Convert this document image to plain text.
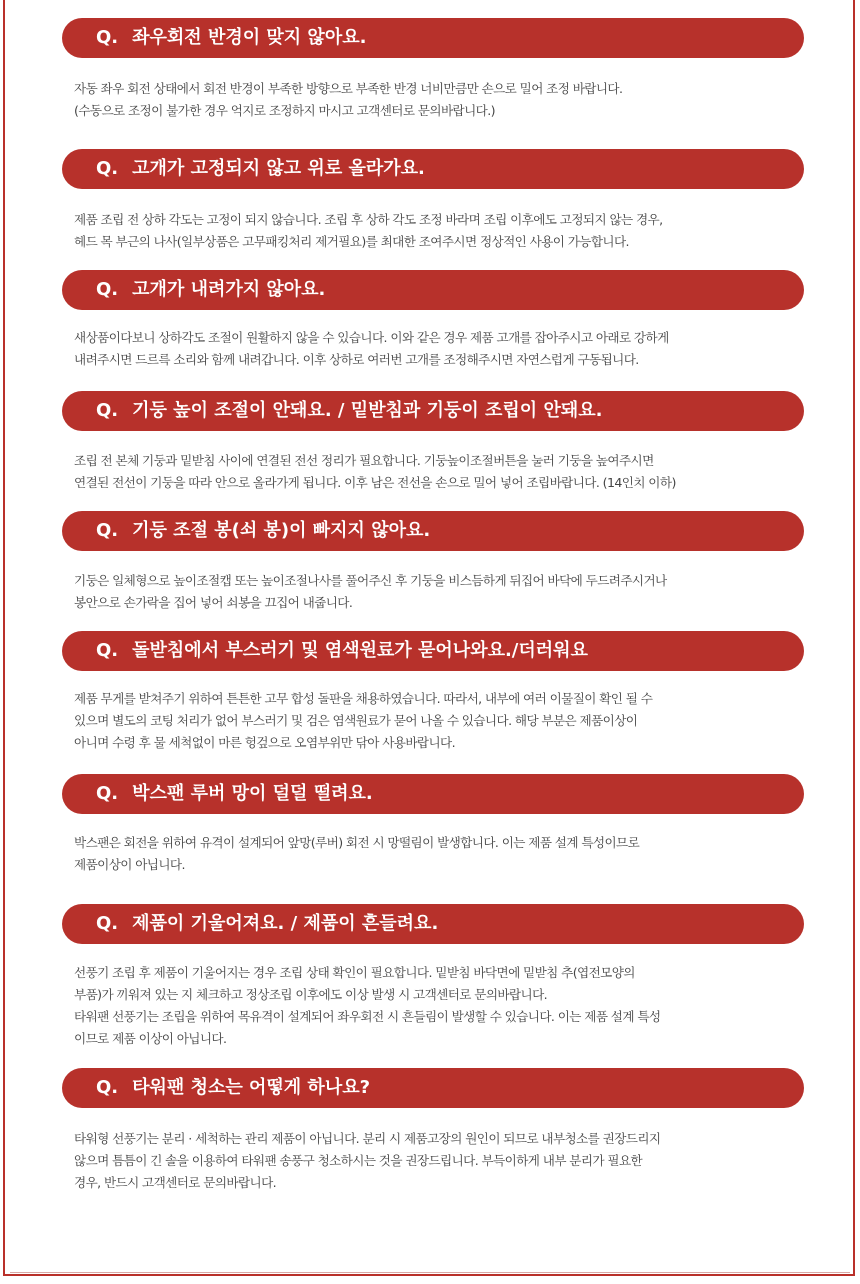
Q. 좌우회전 반경이 맞지 않아요.
자동 좌우 회전 상태에서 회전 반경이 부족한 방향으로 부족한 반경 너비만큼만 손으로 밀어 조정 바랍니다.
(수동으로 조정이 불가한 경우 억지로 조정하지 마시고 고객센터로 문의바랍니다.)
Q. 고개가 고정되지 않고 위로 올라가요.
제품 조립 전 상하 각도는 고정이 되지 않습니다. 조립 후 상하 각도 조정 바라며 조립 이후에도 고정되지 않는 경우,
헤드 목 부근의 나사(일부상품은 고무패킹처리 제거필요)를 최대한 조여주시면 정상적인 사용이 가능합니다.
Q. 고개가 내려가지 않아요.
새상품이다보니 상하각도 조절이 원활하지 않을 수 있습니다. 이와 같은 경우 제품 고개를 잡아주시고 아래로 강하게
내려주시면 드르륵 소리와 함께 내려갑니다. 이후 상하로 여러번 고개를 조정해주시면 자연스럽게 구동됩니다.
Q. 기둥 높이 조절이 안돼요. / 밑받침과 기둥이 조립이 안돼요.
조립 전 본체 기둥과 밑받침 사이에 연결된 전선 정리가 필요합니다. 기둥높이조절버튼을 눌러 기둥을 높여주시면
연결된 전선이 기둥을 따라 안으로 올라가게 됩니다. 이후 남은 전선을 손으로 밀어 넣어 조립바랍니다. (14인치 이하)
Q. 기둥 조절 봉(쇠 봉)이 빠지지 않아요.
기둥은 일체형으로 높이조절캡 또는 높이조절나사를 풀어주신 후 기둥을 비스듬하게 뒤집어 바닥에 두드려주시거나
봉안으로 손가락을 집어 넣어 쇠봉을 끄집어 내줍니다.
Q. 돌받침에서 부스러기 및 염색원료가 묻어나와요./더러워요
제품 무게를 받쳐주기 위하여 튼튼한 고무 합성 돌판을 채용하였습니다. 따라서, 내부에 여러 이물질이 확인 될 수
있으며 별도의 코팅 처리가 없어 부스러기 및 검은 염색원료가 묻어 나올 수 있습니다. 해당 부분은 제품이상이
아니며 수령 후 물 세척없이 마른 헝겊으로 오염부위만 닦아 사용바랍니다.
Q. 박스팬 루버 망이 덜덜 떨려요.
박스팬은 회전을 위하여 유격이 설계되어 앞망(루버) 회전 시 망떨림이 발생합니다. 이는 제품 설계 특성이므로
제품이상이 아닙니다.
Q. 제품이 기울어져요. / 제품이 흔들려요.
선풍기 조립 후 제품이 기울어지는 경우 조립 상태 확인이 필요합니다. 밑받침 바닥면에 밑받침 추(엽전모양의
부품)가 끼워져 있는 지 체크하고 정상조립 이후에도 이상 발생 시 고객센터로 문의바랍니다.
타워팬 선풍기는 조립을 위하여 목유격이 설계되어 좌우회전 시 흔들림이 발생할 수 있습니다. 이는 제품 설계 특성
이므로 제품 이상이 아닙니다.
Q. 타워팬 청소는 어떻게 하나요?
타워형 선풍기는 분리 · 세척하는 관리 제품이 아닙니다. 분리 시 제품고장의 원인이 되므로 내부청소를 권장드리지
않으며 틈틈이 긴 솔을 이용하여 타워팬 송풍구 청소하시는 것을 권장드립니다. 부득이하게 내부 분리가 필요한
경우, 반드시 고객센터로 문의바랍니다.
